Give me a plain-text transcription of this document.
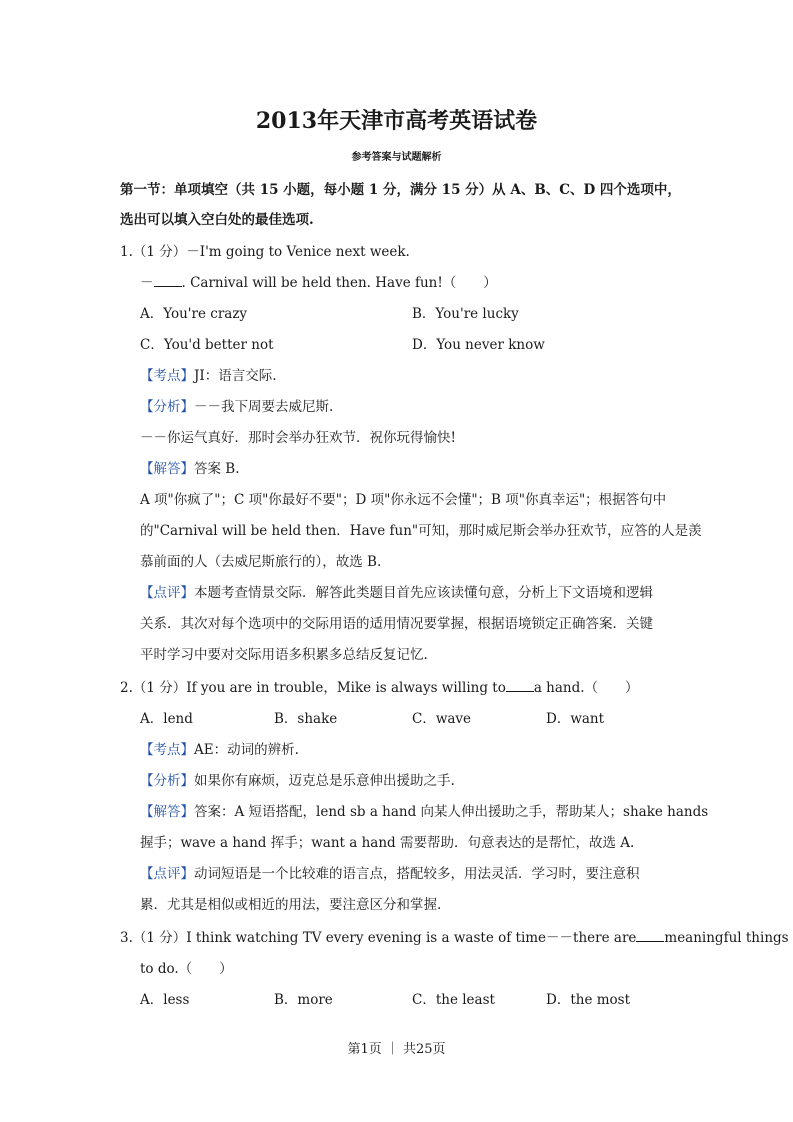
2013年天津市高考英语试卷
参考答案与试题解析
第一节：单项填空（共 15 小题，每小题 1 分，满分 15 分）从 A、B、C、D 四个选项中，
选出可以填入空白处的最佳选项.
1.（1 分）－I'm going to Venice next week.
－ . Carnival will be held then. Have fun!（　　）
A．You're crazy	B．You're lucky
C．You'd better not	D．You never know
【考点】JI：语言交际.
【分析】－－我下周要去威尼斯.
－－你运气真好．那时会举办狂欢节．祝你玩得愉快!
【解答】答案 B.
A 项"你疯了"；C 项"你最好不要"；D 项"你永远不会懂"；B 项"你真幸运"；根据答句中
的"Carnival will be held then．Have fun"可知，那时威尼斯会举办狂欢节，应答的人是羡
慕前面的人（去威尼斯旅行的），故选 B.
【点评】本题考查情景交际．解答此类题目首先应该读懂句意，分析上下文语境和逻辑
关系．其次对每个选项中的交际用语的适用情况要掌握，根据语境锁定正确答案．关键
平时学习中要对交际用语多积累多总结反复记忆.
2.（1 分）If you are in trouble，Mike is always willing to a hand.（　　）
A．lend	B．shake	C．wave	D．want
【考点】AE：动词的辨析.
【分析】如果你有麻烦，迈克总是乐意伸出援助之手.
【解答】答案：A 短语搭配，lend sb a hand 向某人伸出援助之手，帮助某人；shake hands
握手；wave a hand 挥手；want a hand 需要帮助．句意表达的是帮忙，故选 A.
【点评】动词短语是一个比较难的语言点，搭配较多，用法灵活．学习时，要注意积
累．尤其是相似或相近的用法，要注意区分和掌握.
3.（1 分）I think watching TV every evening is a waste of time－－there are meaningful things
to do.（　　）
A．less	B．more	C．the least	D．the most
第1页 ｜ 共25页
